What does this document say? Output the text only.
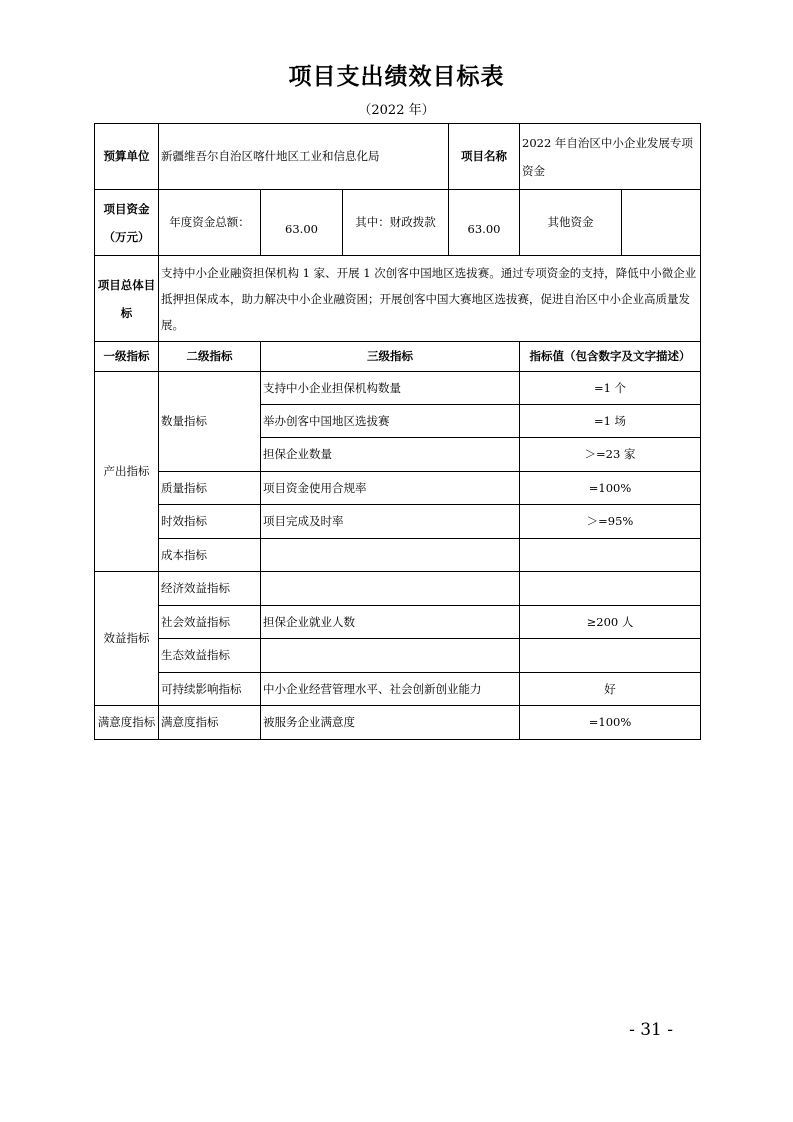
项目支出绩效目标表
（2022 年）
预算单位	新疆维吾尔自治区喀什地区工业和信息化局			项目名称	2022 年自治区中小企业发展专项资金	
项目资金（万元）	年度资金总额：	63.00	其中：财政拨款	63.00	其他资金	
项目总体目标	支持中小企业融资担保机构 1 家、开展 1 次创客中国地区选拔赛。通过专项资金的支持，降低中小微企业抵押担保成本，助力解决中小企业融资困；开展创客中国大赛地区选拔赛，促进自治区中小企业高质量发展。					
一级指标	二级指标	三级指标			指标值（包含数字及文字描述）	
产出指标	数量指标	支持中小企业担保机构数量			=1 个	
		举办创客中国地区选拔赛			=1 场	
		担保企业数量			＞=23 家	
	质量指标	项目资金使用合规率			=100%	
	时效指标	项目完成及时率			＞=95%	
	成本指标					
效益指标	经济效益指标					
	社会效益指标	担保企业就业人数			≥200 人	
	生态效益指标					
	可持续影响指标	中小企业经营管理水平、社会创新创业能力			好	
满意度指标	满意度指标	被服务企业满意度			=100%	
- 31 -
